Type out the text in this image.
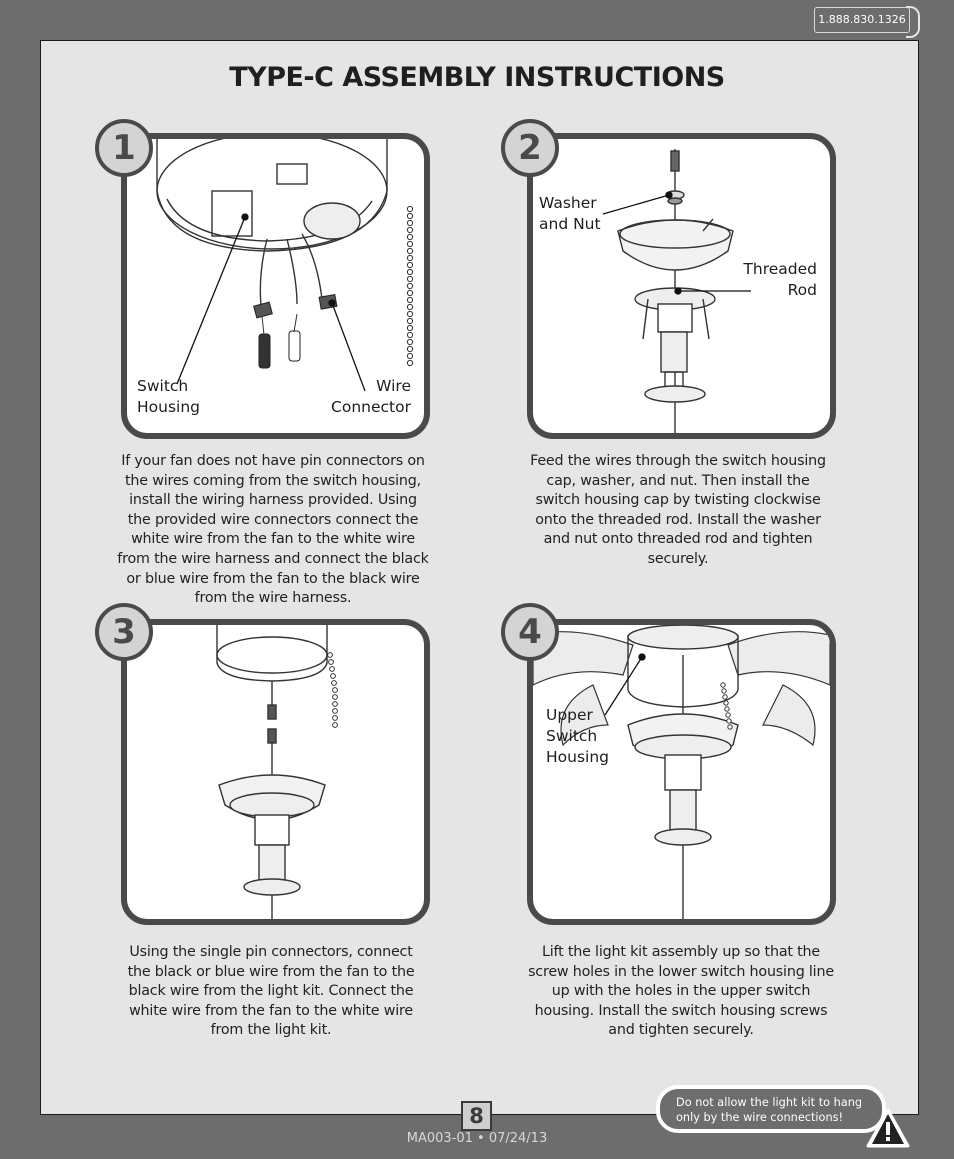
1.888.830.1326
TYPE-C ASSEMBLY INSTRUCTIONS
1
Switch
Housing
Wire
Connector
If your fan does not have pin connectors on the wires coming from the switch housing, install the wiring harness provided. Using the provided wire connectors connect the white wire from the fan to the white wire from the wire harness and connect the black or blue wire from the fan to the black wire from the wire harness.
2
Washer
and Nut
Threaded
Rod
Feed the wires through the switch housing cap, washer, and nut. Then install the switch housing cap by twisting clockwise onto the threaded rod. Install the washer and nut onto threaded rod and tighten securely.
3
Using the single pin connectors, connect the black or blue wire from the fan to the black wire from the light kit. Connect the white wire from the fan to the white wire from the light kit.
4
Upper
Switch
Housing
Lift the light kit assembly up so that the screw holes in the lower switch housing line up with the holes in the upper switch housing. Install the switch housing screws and tighten securely.
8
MA003-01 • 07/24/13
Do not allow the light kit to hang only by the wire connections!
